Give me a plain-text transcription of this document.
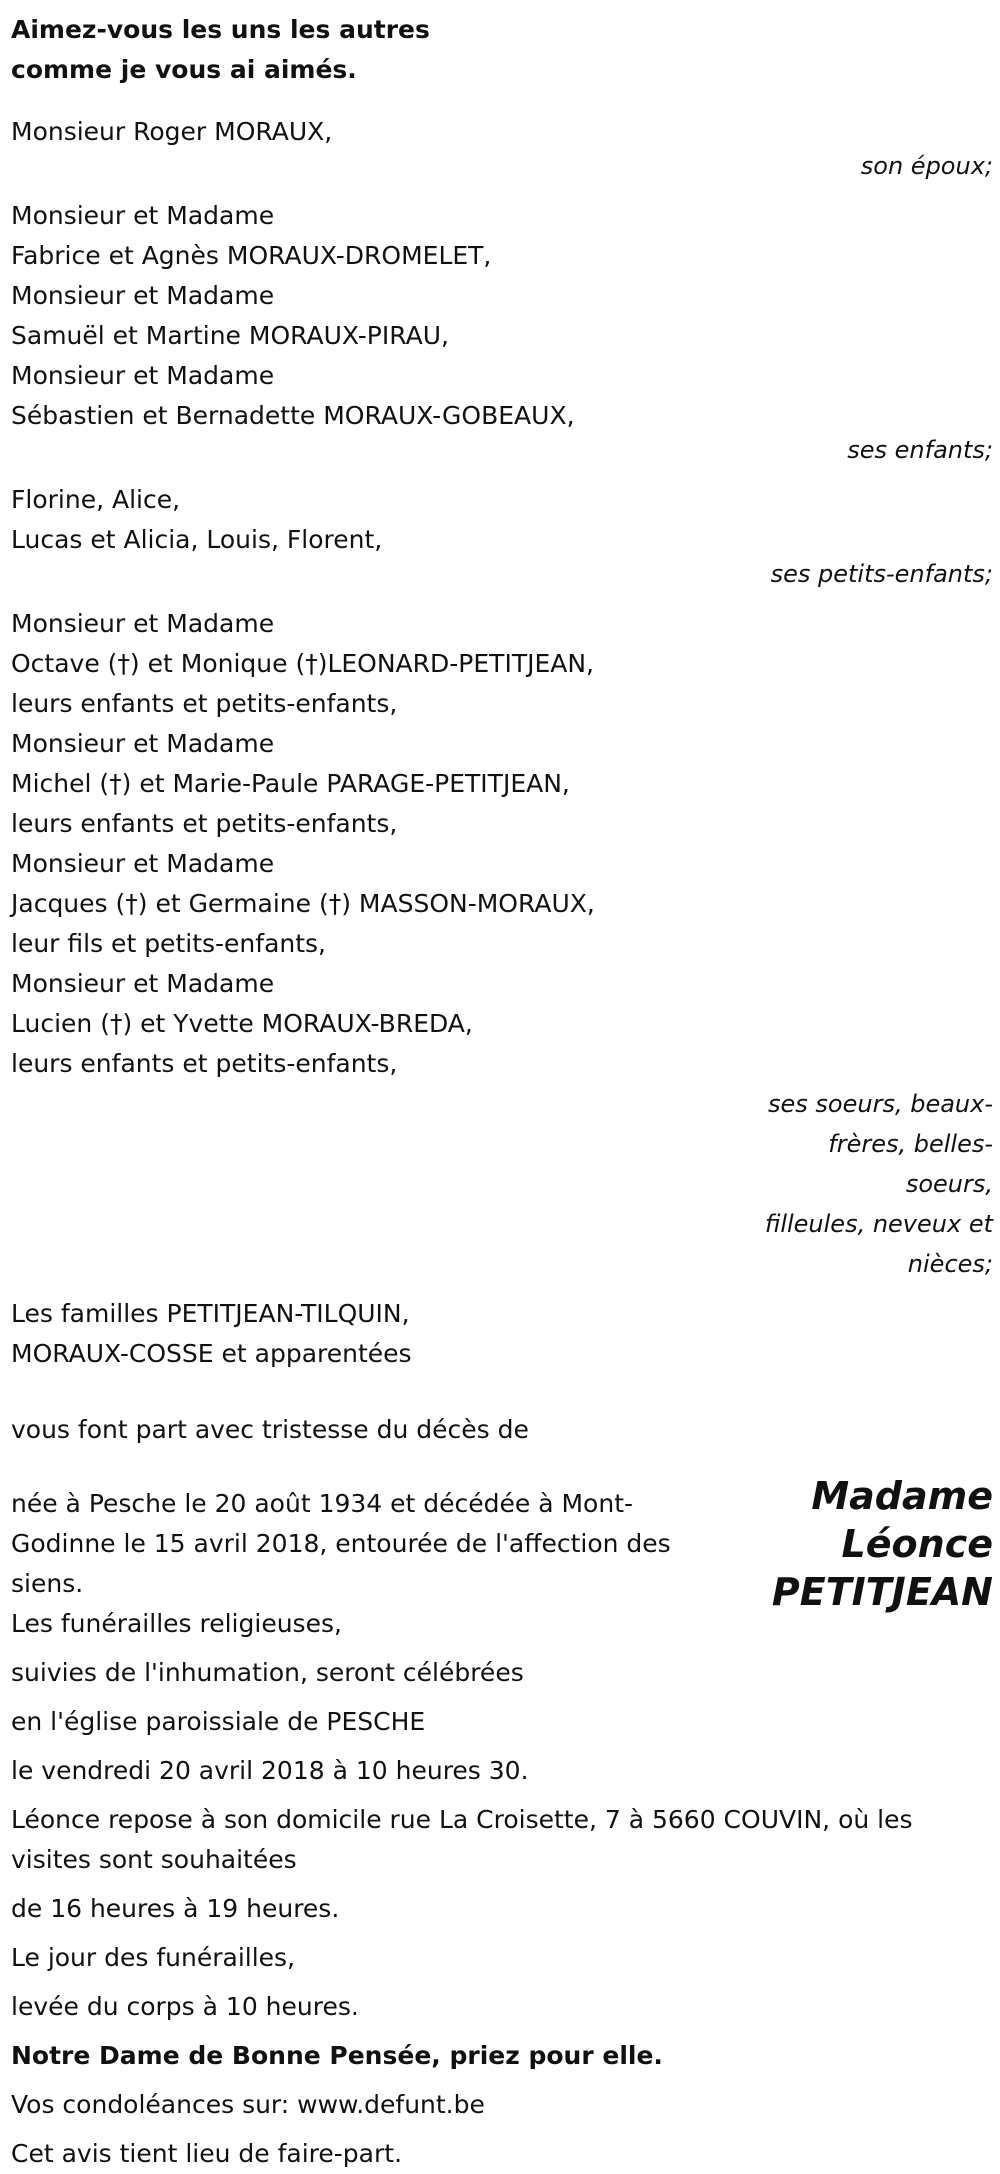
Aimez-vous les uns les autres
comme je vous ai aimés.
Monsieur Roger MORAUX,
son époux;
Monsieur et Madame
Fabrice et Agnès MORAUX-DROMELET,
Monsieur et Madame
Samuël et Martine MORAUX-PIRAU,
Monsieur et Madame
Sébastien et Bernadette MORAUX-GOBEAUX,
ses enfants;
Florine, Alice,
Lucas et Alicia, Louis, Florent,
ses petits-enfants;
Monsieur et Madame
Octave (†) et Monique (†)LEONARD-PETITJEAN,
leurs enfants et petits-enfants,
Monsieur et Madame
Michel (†) et Marie-Paule PARAGE-PETITJEAN,
leurs enfants et petits-enfants,
Monsieur et Madame
Jacques (†) et Germaine (†) MASSON-MORAUX,
leur fils et petits-enfants,
Monsieur et Madame
Lucien (†) et Yvette MORAUX-BREDA,
leurs enfants et petits-enfants,
ses soeurs, beaux-
frères, belles-
soeurs,
filleules, neveux et
nièces;
Les familles PETITJEAN-TILQUIN,
MORAUX-COSSE et apparentées
vous font part avec tristesse du décès de
Madame
Léonce
PETITJEAN
née à Pesche le 20 août 1934 et décédée à Mont-Godinne le 15 avril 2018, entourée de l'affection des siens.
Les funérailles religieuses,
suivies de l'inhumation, seront célébrées
en l'église paroissiale de PESCHE
le vendredi 20 avril 2018 à 10 heures 30.
Léonce repose à son domicile rue La Croisette, 7 à 5660 COUVIN, où les visites sont souhaitées
de 16 heures à 19 heures.
Le jour des funérailles,
levée du corps à 10 heures.
Notre Dame de Bonne Pensée, priez pour elle.
Vos condoléances sur: www.defunt.be
Cet avis tient lieu de faire-part.
